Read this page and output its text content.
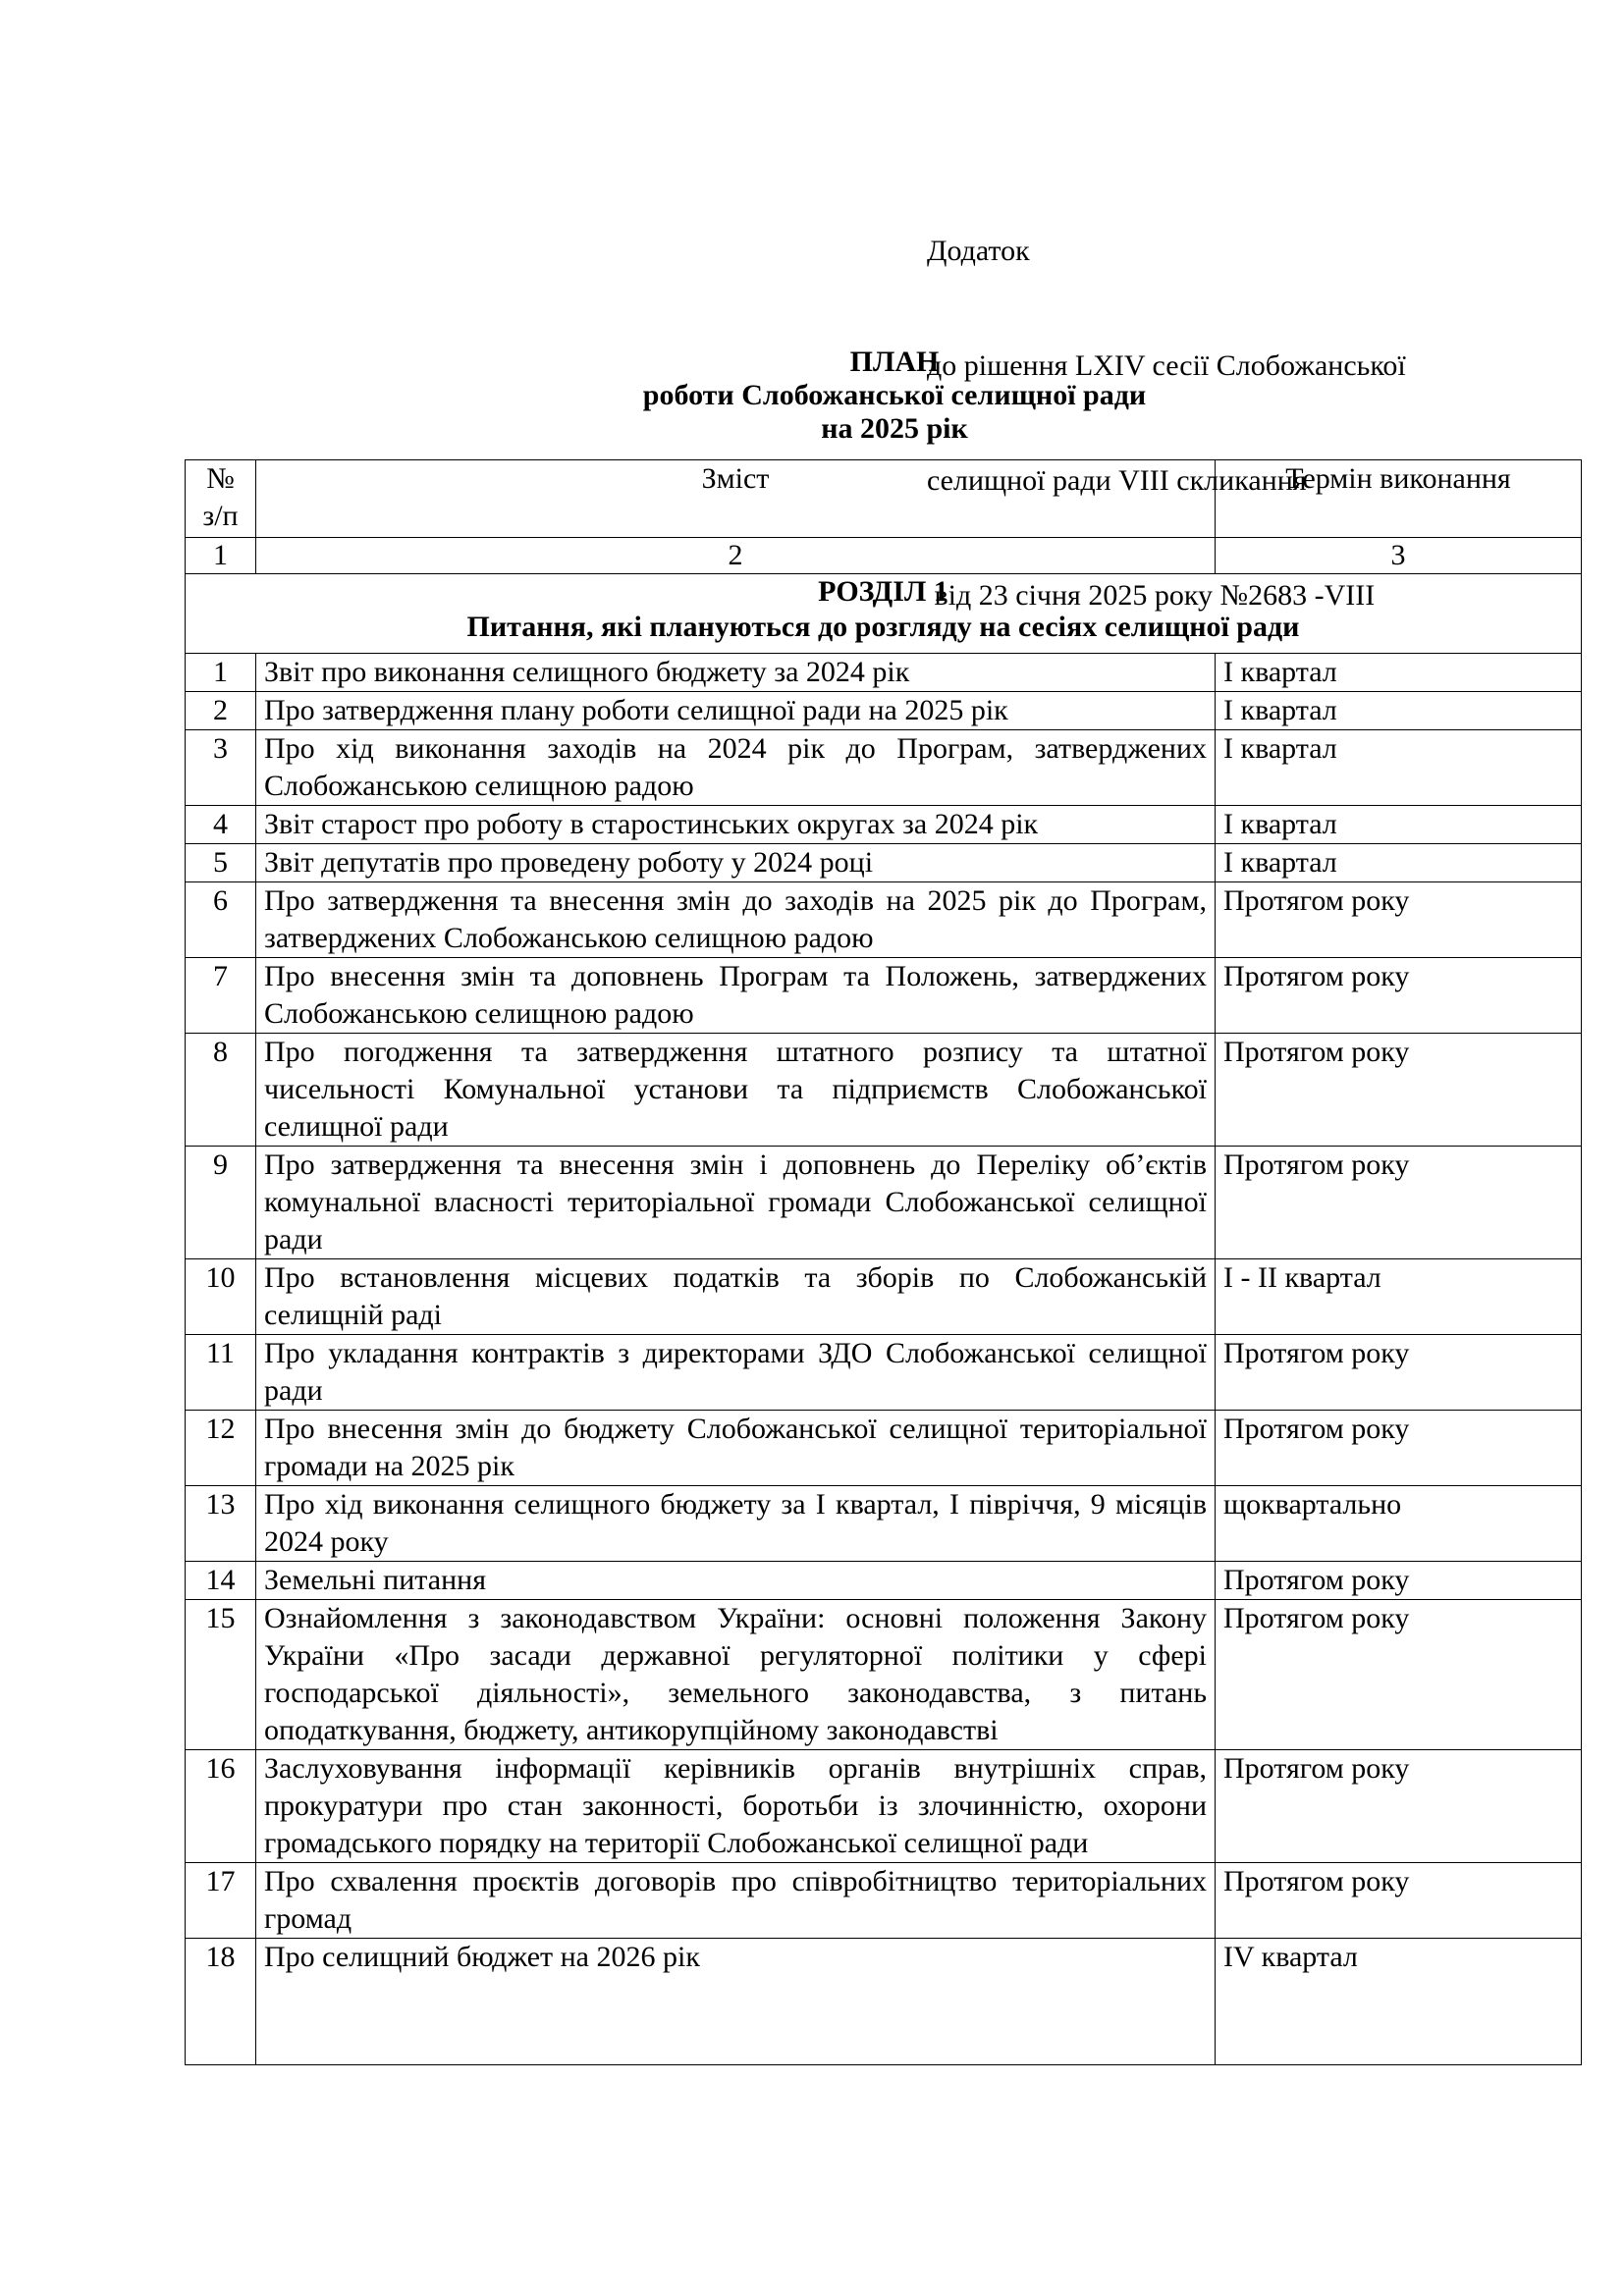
Додаток

до рішення LXIV сесії Слобожанської

селищної ради VIII скликання

від 23 січня 2025 року №2683 -VIII

ПЛАН
роботи Слобожанської селищної ради
на 2025 рік
№ з/п	Зміст	Термін виконання
1	2	3

РОЗДІЛ 1
Питання, які плануються до розгляду на сесіях селищної ради		

1	Звіт про виконання селищного бюджету за 2024 рік	I квартал
2	Про затвердження плану роботи селищної ради на 2025 рік	I квартал
3	Про хід виконання заходів на 2024 рік до Програм, затверджених Слобожанською селищною радою	I квартал
4	Звіт старост про роботу в старостинських округах за 2024 рік	I квартал
5	Звіт депутатів про проведену роботу у 2024 році	I квартал
6	Про затвердження та внесення змін до заходів на 2025 рік до Програм, затверджених Слобожанською селищною радою	Протягом року
7	Про внесення змін та доповнень Програм та Положень, затверджених Слобожанською селищною радою	Протягом року
8	Про погодження та затвердження штатного розпису та штатної чисельності Комунальної установи та підприємств Слобожанської селищної ради	Протягом року
9	Про затвердження та внесення змін і доповнень до Переліку об’єктів комунальної власності територіальної громади Слобожанської селищної ради	Протягом року
10	Про встановлення місцевих податків та зборів по Слобожанській селищній раді	I - II квартал
11	Про укладання контрактів з директорами ЗДО Слобожанської селищної ради	Протягом року
12	Про внесення змін до бюджету Слобожанської селищної територіальної громади на 2025 рік	Протягом року
13	Про хід виконання селищного бюджету за I квартал, I півріччя, 9 місяців 2024 року	щоквартально
14	Земельні питання	Протягом року
15	Ознайомлення з законодавством України: основні положення Закону України «Про засади державної регуляторної політики у сфері господарської діяльності», земельного законодавства, з питань оподаткування, бюджету, антикорупційному законодавстві	Протягом року
16	Заслуховування інформації керівників органів внутрішніх справ, прокуратури про стан законності, боротьби із злочинністю, охорони громадського порядку на території Слобожанської селищної ради	Протягом року
17	Про схвалення проєктів договорів про співробітництво територіальних громад	Протягом року
18	Про селищний бюджет на 2026 рік	IV квартал
